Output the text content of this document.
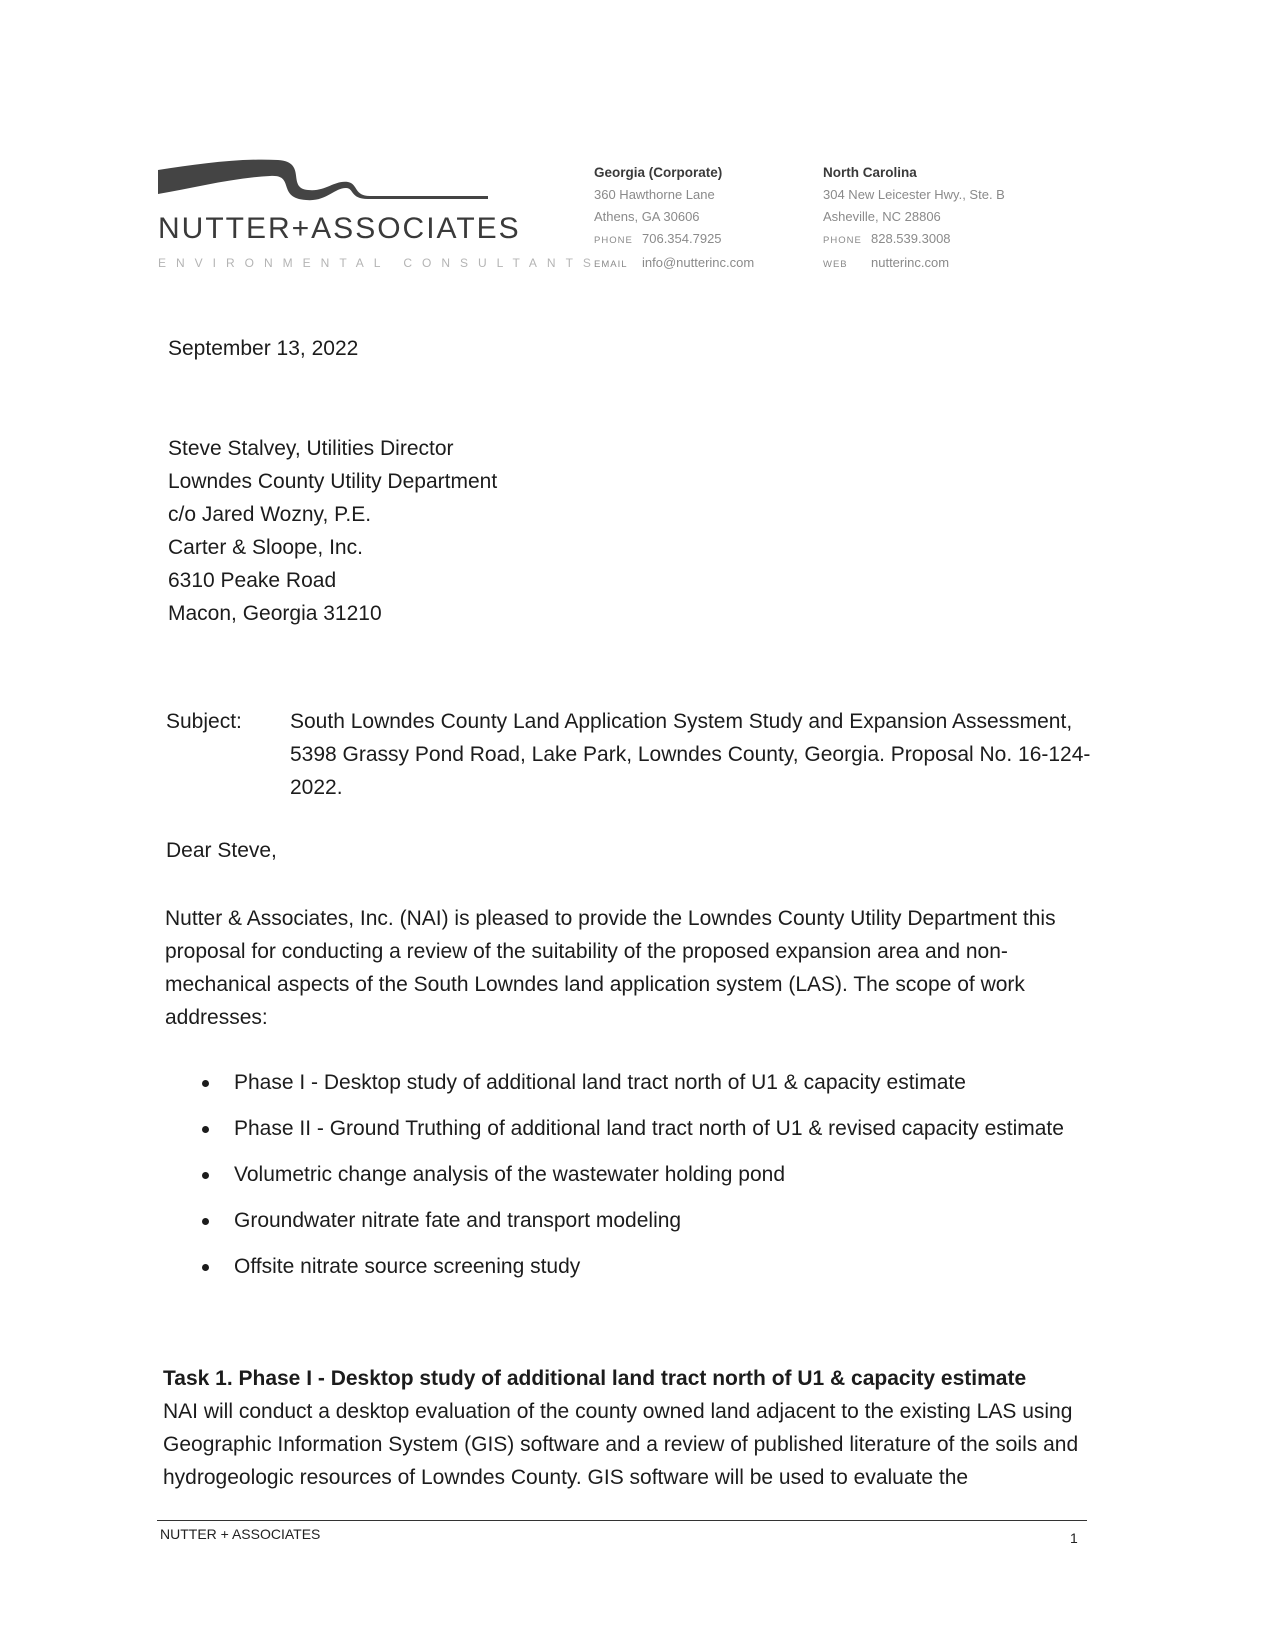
NUTTER+ASSOCIATES
ENVIRONMENTAL CONSULTANTS
Georgia (Corporate)
360 Hawthorne Lane
Athens, GA 30606
PHONE 706.354.7925
EMAIL info@nutterinc.com
North Carolina
304 New Leicester Hwy., Ste. B
Asheville, NC 28806
PHONE 828.539.3008
WEB nutterinc.com
September 13, 2022
Steve Stalvey, Utilities Director
Lowndes County Utility Department
c/o Jared Wozny, P.E.
Carter & Sloope, Inc.
6310 Peake Road
Macon, Georgia 31210
Subject: South Lowndes County Land Application System Study and Expansion Assessment, 5398 Grassy Pond Road, Lake Park, Lowndes County, Georgia. Proposal No. 16-124-2022.
Dear Steve,
Nutter & Associates, Inc. (NAI) is pleased to provide the Lowndes County Utility Department this proposal for conducting a review of the suitability of the proposed expansion area and non-mechanical aspects of the South Lowndes land application system (LAS). The scope of work addresses:
Phase I - Desktop study of additional land tract north of U1 & capacity estimate
Phase II - Ground Truthing of additional land tract north of U1 & revised capacity estimate
Volumetric change analysis of the wastewater holding pond
Groundwater nitrate fate and transport modeling
Offsite nitrate source screening study
Task 1. Phase I - Desktop study of additional land tract north of U1 & capacity estimate
NAI will conduct a desktop evaluation of the county owned land adjacent to the existing LAS using Geographic Information System (GIS) software and a review of published literature of the soils and hydrogeologic resources of Lowndes County. GIS software will be used to evaluate the
NUTTER + ASSOCIATES	1
